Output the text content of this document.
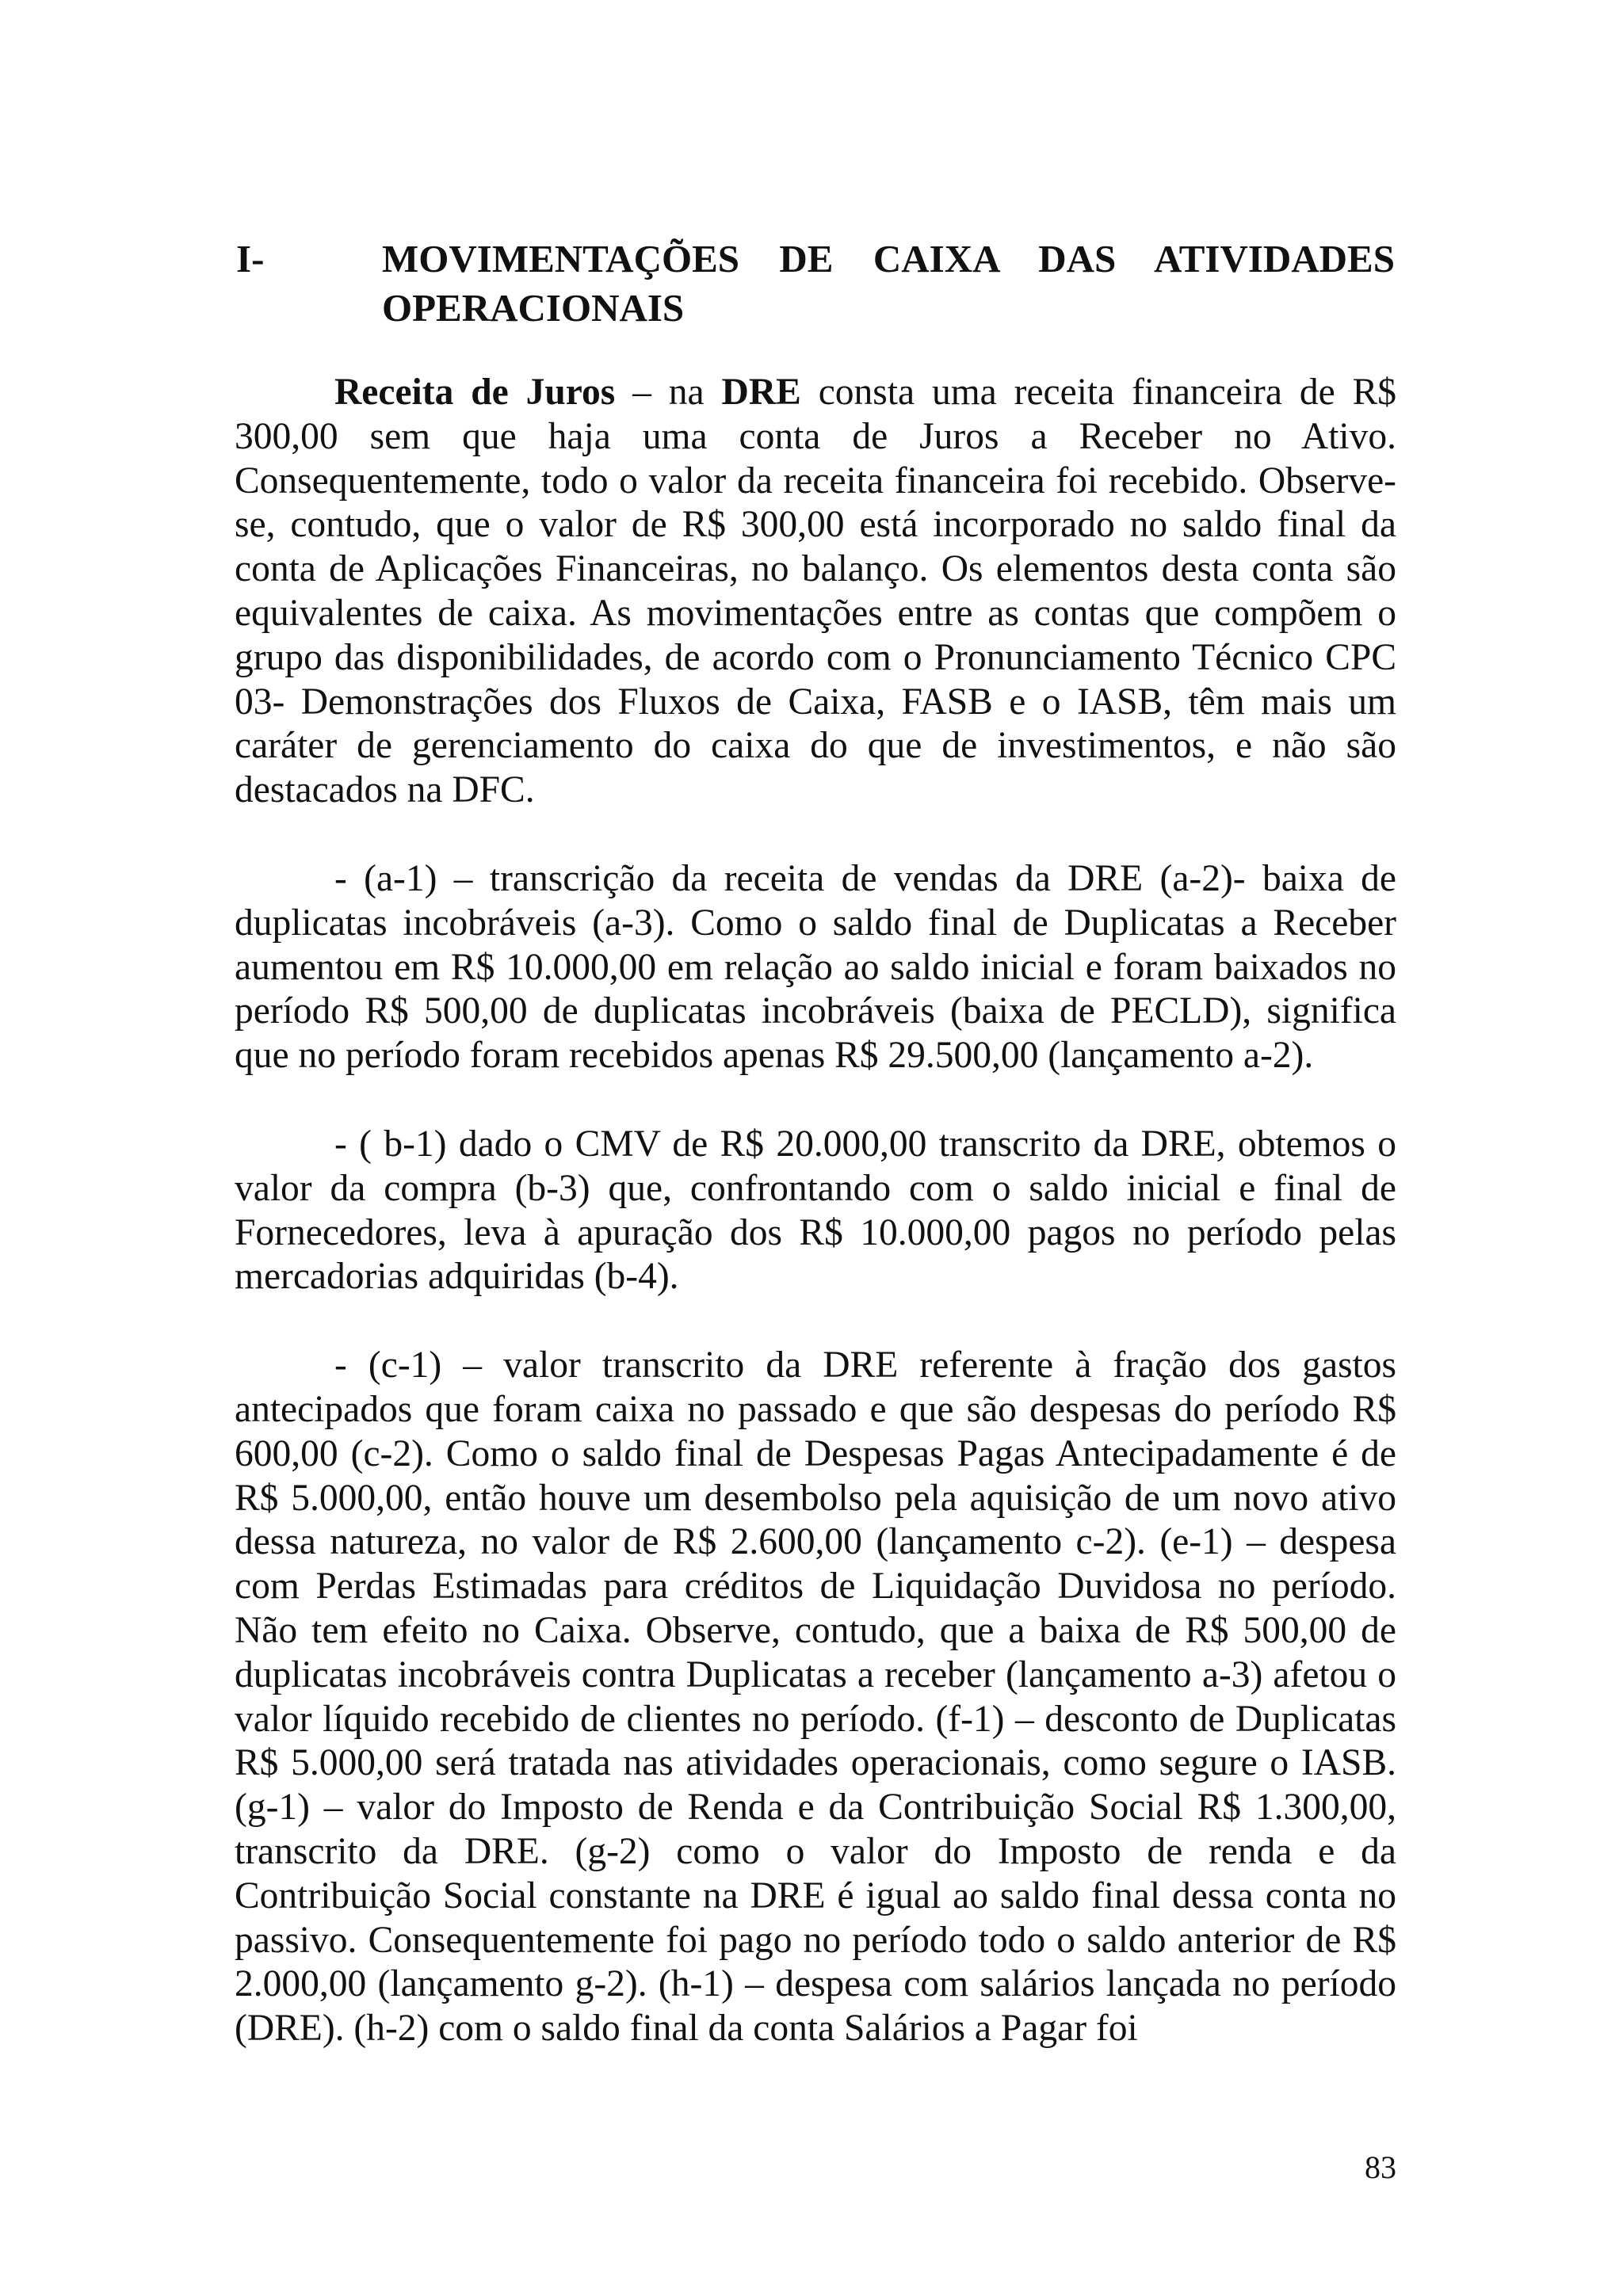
I-	MOVIMENTAÇÕES DE CAIXA DAS ATIVIDADES
OPERACIONAIS

Receita de Juros – na DRE consta uma receita financeira de R$ 300,00 sem que haja uma conta de Juros a Receber no Ativo. Consequentemente, todo o valor da receita financeira foi recebido. Observe-se, contudo, que o valor de R$ 300,00 está incorporado no saldo final da conta de Aplicações Financeiras, no balanço. Os elementos desta conta são equivalentes de caixa. As movimentações entre as contas que compõem o grupo das disponibilidades, de acordo com o Pronunciamento Técnico CPC 03- Demonstrações dos Fluxos de Caixa, FASB e o IASB, têm mais um caráter de gerenciamento do caixa do que de investimentos, e não são destacados na DFC.

- (a-1) – transcrição da receita de vendas da DRE (a-2)- baixa de duplicatas incobráveis (a-3). Como o saldo final de Duplicatas a Receber aumentou em R$ 10.000,00 em relação ao saldo inicial e foram baixados no período R$ 500,00 de duplicatas incobráveis (baixa de PECLD), significa que no período foram recebidos apenas R$ 29.500,00 (lançamento a-2).

- ( b-1) dado o CMV de R$ 20.000,00 transcrito da DRE, obtemos o valor da compra (b-3) que, confrontando com o saldo inicial e final de Fornecedores, leva à apuração dos R$ 10.000,00 pagos no período pelas mercadorias adquiridas (b-4).

- (c-1) – valor transcrito da DRE referente à fração dos gastos antecipados que foram caixa no passado e que são despesas do período R$ 600,00 (c-2). Como o saldo final de Despesas Pagas Antecipadamente é de R$ 5.000,00, então houve um desembolso pela aquisição de um novo ativo dessa natureza, no valor de R$ 2.600,00 (lançamento c-2). (e-1) – despesa com Perdas Estimadas para créditos de Liquidação Duvidosa no período. Não tem efeito no Caixa. Observe, contudo, que a baixa de R$ 500,00 de duplicatas incobráveis contra Duplicatas a receber (lançamento a-3) afetou o valor líquido recebido de clientes no período. (f-1) – desconto de Duplicatas R$ 5.000,00 será tratada nas atividades operacionais, como segure o IASB. (g-1) – valor do Imposto de Renda e da Contribuição Social R$ 1.300,00, transcrito da DRE. (g-2) como o valor do Imposto de renda e da Contribuição Social constante na DRE é igual ao saldo final dessa conta no passivo. Consequentemente foi pago no período todo o saldo anterior de R$ 2.000,00 (lançamento g-2). (h-1) – despesa com salários lançada no período (DRE). (h-2) com o saldo final da conta Salários a Pagar foi

83
